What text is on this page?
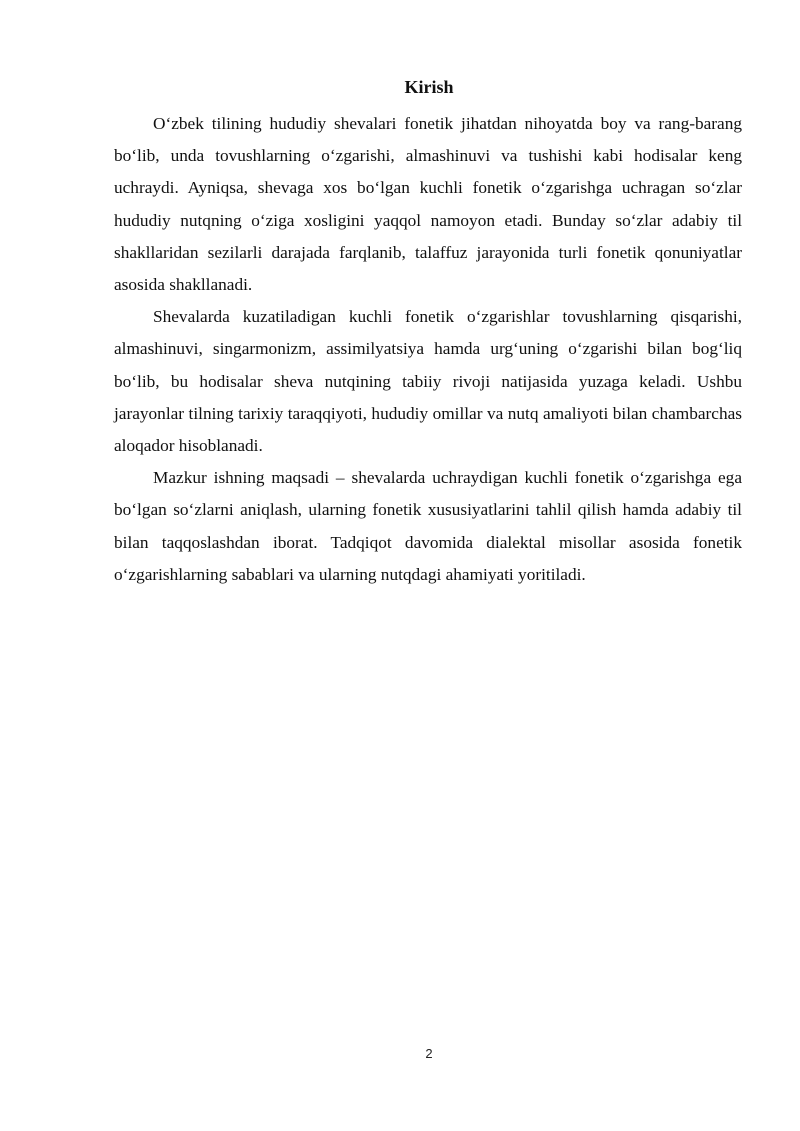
Kirish

O‘zbek tilining hududiy shevalari fonetik jihatdan nihoyatda boy va rang-barang bo‘lib, unda tovushlarning o‘zgarishi, almashinuvi va tushishi kabi hodisalar keng uchraydi. Ayniqsa, shevaga xos bo‘lgan kuchli fonetik o‘zgarishga uchragan so‘zlar hududiy nutqning o‘ziga xosligini yaqqol namoyon etadi. Bunday so‘zlar adabiy til shakllaridan sezilarli darajada farqlanib, talaffuz jarayonida turli fonetik qonuniyatlar asosida shakllanadi.

Shevalarda kuzatiladigan kuchli fonetik o‘zgarishlar tovushlarning qisqarishi, almashinuvi, singarmonizm, assimilyatsiya hamda urg‘uning o‘zgarishi bilan bog‘liq bo‘lib, bu hodisalar sheva nutqining tabiiy rivoji natijasida yuzaga keladi. Ushbu jarayonlar tilning tarixiy taraqqiyoti, hududiy omillar va nutq amaliyoti bilan chambarchas aloqador hisoblanadi.

Mazkur ishning maqsadi – shevalarda uchraydigan kuchli fonetik o‘zgarishga ega bo‘lgan so‘zlarni aniqlash, ularning fonetik xususiyatlarini tahlil qilish hamda adabiy til bilan taqqoslashdan iborat. Tadqiqot davomida dialektal misollar asosida fonetik o‘zgarishlarning sabablari va ularning nutqdagi ahamiyati yoritiladi.

2
